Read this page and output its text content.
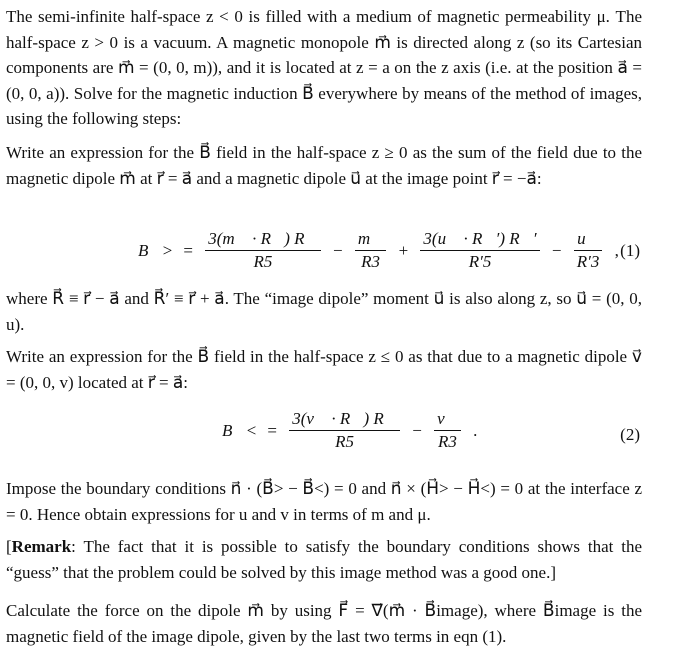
The semi-infinite half-space z < 0 is filled with a medium of magnetic permeability μ. The half-space z > 0 is a vacuum. A magnetic monopole m⃗ is directed along z (so its Cartesian components are m⃗ = (0, 0, m)), and it is located at z = a on the z axis (i.e. at the position a⃗ = (0, 0, a)). Solve for the magnetic induction B⃗ everywhere by means of the method of images, using the following steps:

Write an expression for the B⃗ field in the half-space z ≥ 0 as the sum of the field due to the magnetic dipole m⃗ at r⃗ = a⃗ and a magnetic dipole u⃗ at the image point r⃗ = −a⃗:

B⃗> = $\frac{3(m⃗ \cdot R⃗) R⃗}{R5} - \frac{m⃗}{R3} + \frac{3(u⃗ \cdot R⃗') R⃗'}{R'5} - \frac{u⃗}{R'3}$ , (1)

where R⃗ ≡ r⃗ − a⃗ and R⃗′ ≡ r⃗ + a⃗. The “image dipole” moment u⃗ is also along z, so u⃗ = (0, 0, u).

Write an expression for the B⃗ field in the half-space z ≤ 0 as that due to a magnetic dipole v⃗ = (0, 0, v) located at r⃗ = a⃗:

B⃗< = $\frac{3(v⃗ \cdot R⃗) R⃗}{R5} - \frac{v⃗}{R3}$ .	(2)

Impose the boundary conditions n⃗ · (B⃗> − B⃗<) = 0 and n⃗ × (H⃗> − H⃗<) = 0 at the interface z = 0. Hence obtain expressions for u and v in terms of m and μ.

[Remark: The fact that it is possible to satisfy the boundary conditions shows that the “guess” that the problem could be solved by this image method was a good one.]

Calculate the force on the dipole m⃗ by using F⃗ = ∇⃗(m⃗ · B⃗image), where B⃗image is the magnetic field of the image dipole, given by the last two terms in eqn (1).
